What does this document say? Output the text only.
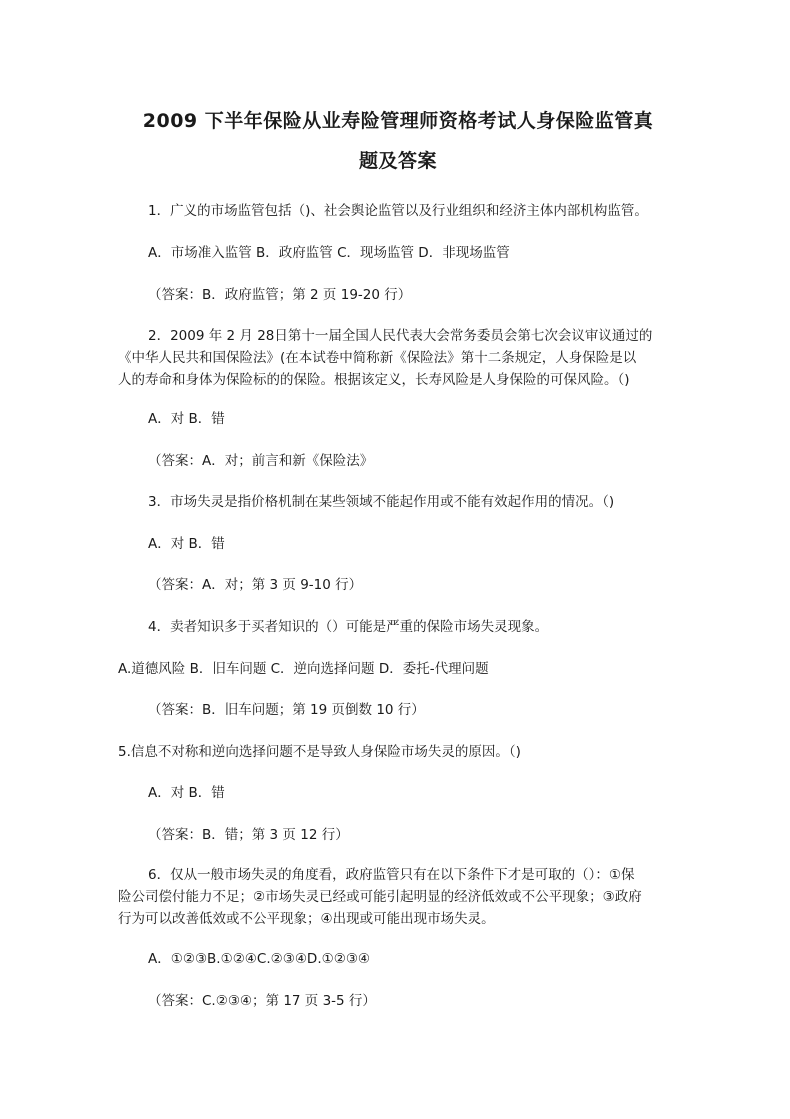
2009 下半年保险从业寿险管理师资格考试人身保险监管真
题及答案
1．广义的市场监管包括（)、社会舆论监管以及行业组织和经济主体内部机构监管。
A．市场准入监管 B．政府监管 C．现场监管 D．非现场监管
（答案：B．政府监管；第 2 页 19-20 行）
2．2009 年 2 月 28日第十一届全国人民代表大会常务委员会第七次会议审议通过的
《中华人民共和国保险法》(在本试卷中简称新《保险法》第十二条规定，人身保险是以
人的寿命和身体为保险标的的保险。根据该定义，长寿风险是人身保险的可保风险。（)
A．对 B．错
（答案：A．对；前言和新《保险法》
3．市场失灵是指价格机制在某些领域不能起作用或不能有效起作用的情况。（)
A．对 B．错
（答案：A．对；第 3 页 9-10 行）
4．卖者知识多于买者知识的（）可能是严重的保险市场失灵现象。
A.道德风险 B．旧车问题 C．逆向选择问题 D．委托-代理问题
（答案：B．旧车问题；第 19 页倒数 10 行）
5.信息不对称和逆向选择问题不是导致人身保险市场失灵的原因。（)
A．对 B．错
（答案：B．错；第 3 页 12 行）
6．仅从一般市场失灵的角度看，政府监管只有在以下条件下才是可取的（）：①保
险公司偿付能力不足；②市场失灵已经或可能引起明显的经济低效或不公平现象；③政府
行为可以改善低效或不公平现象；④出现或可能出现市场失灵。
A．①②③B.①②④C.②③④D.①②③④
（答案：C.②③④；第 17 页 3-5 行）
